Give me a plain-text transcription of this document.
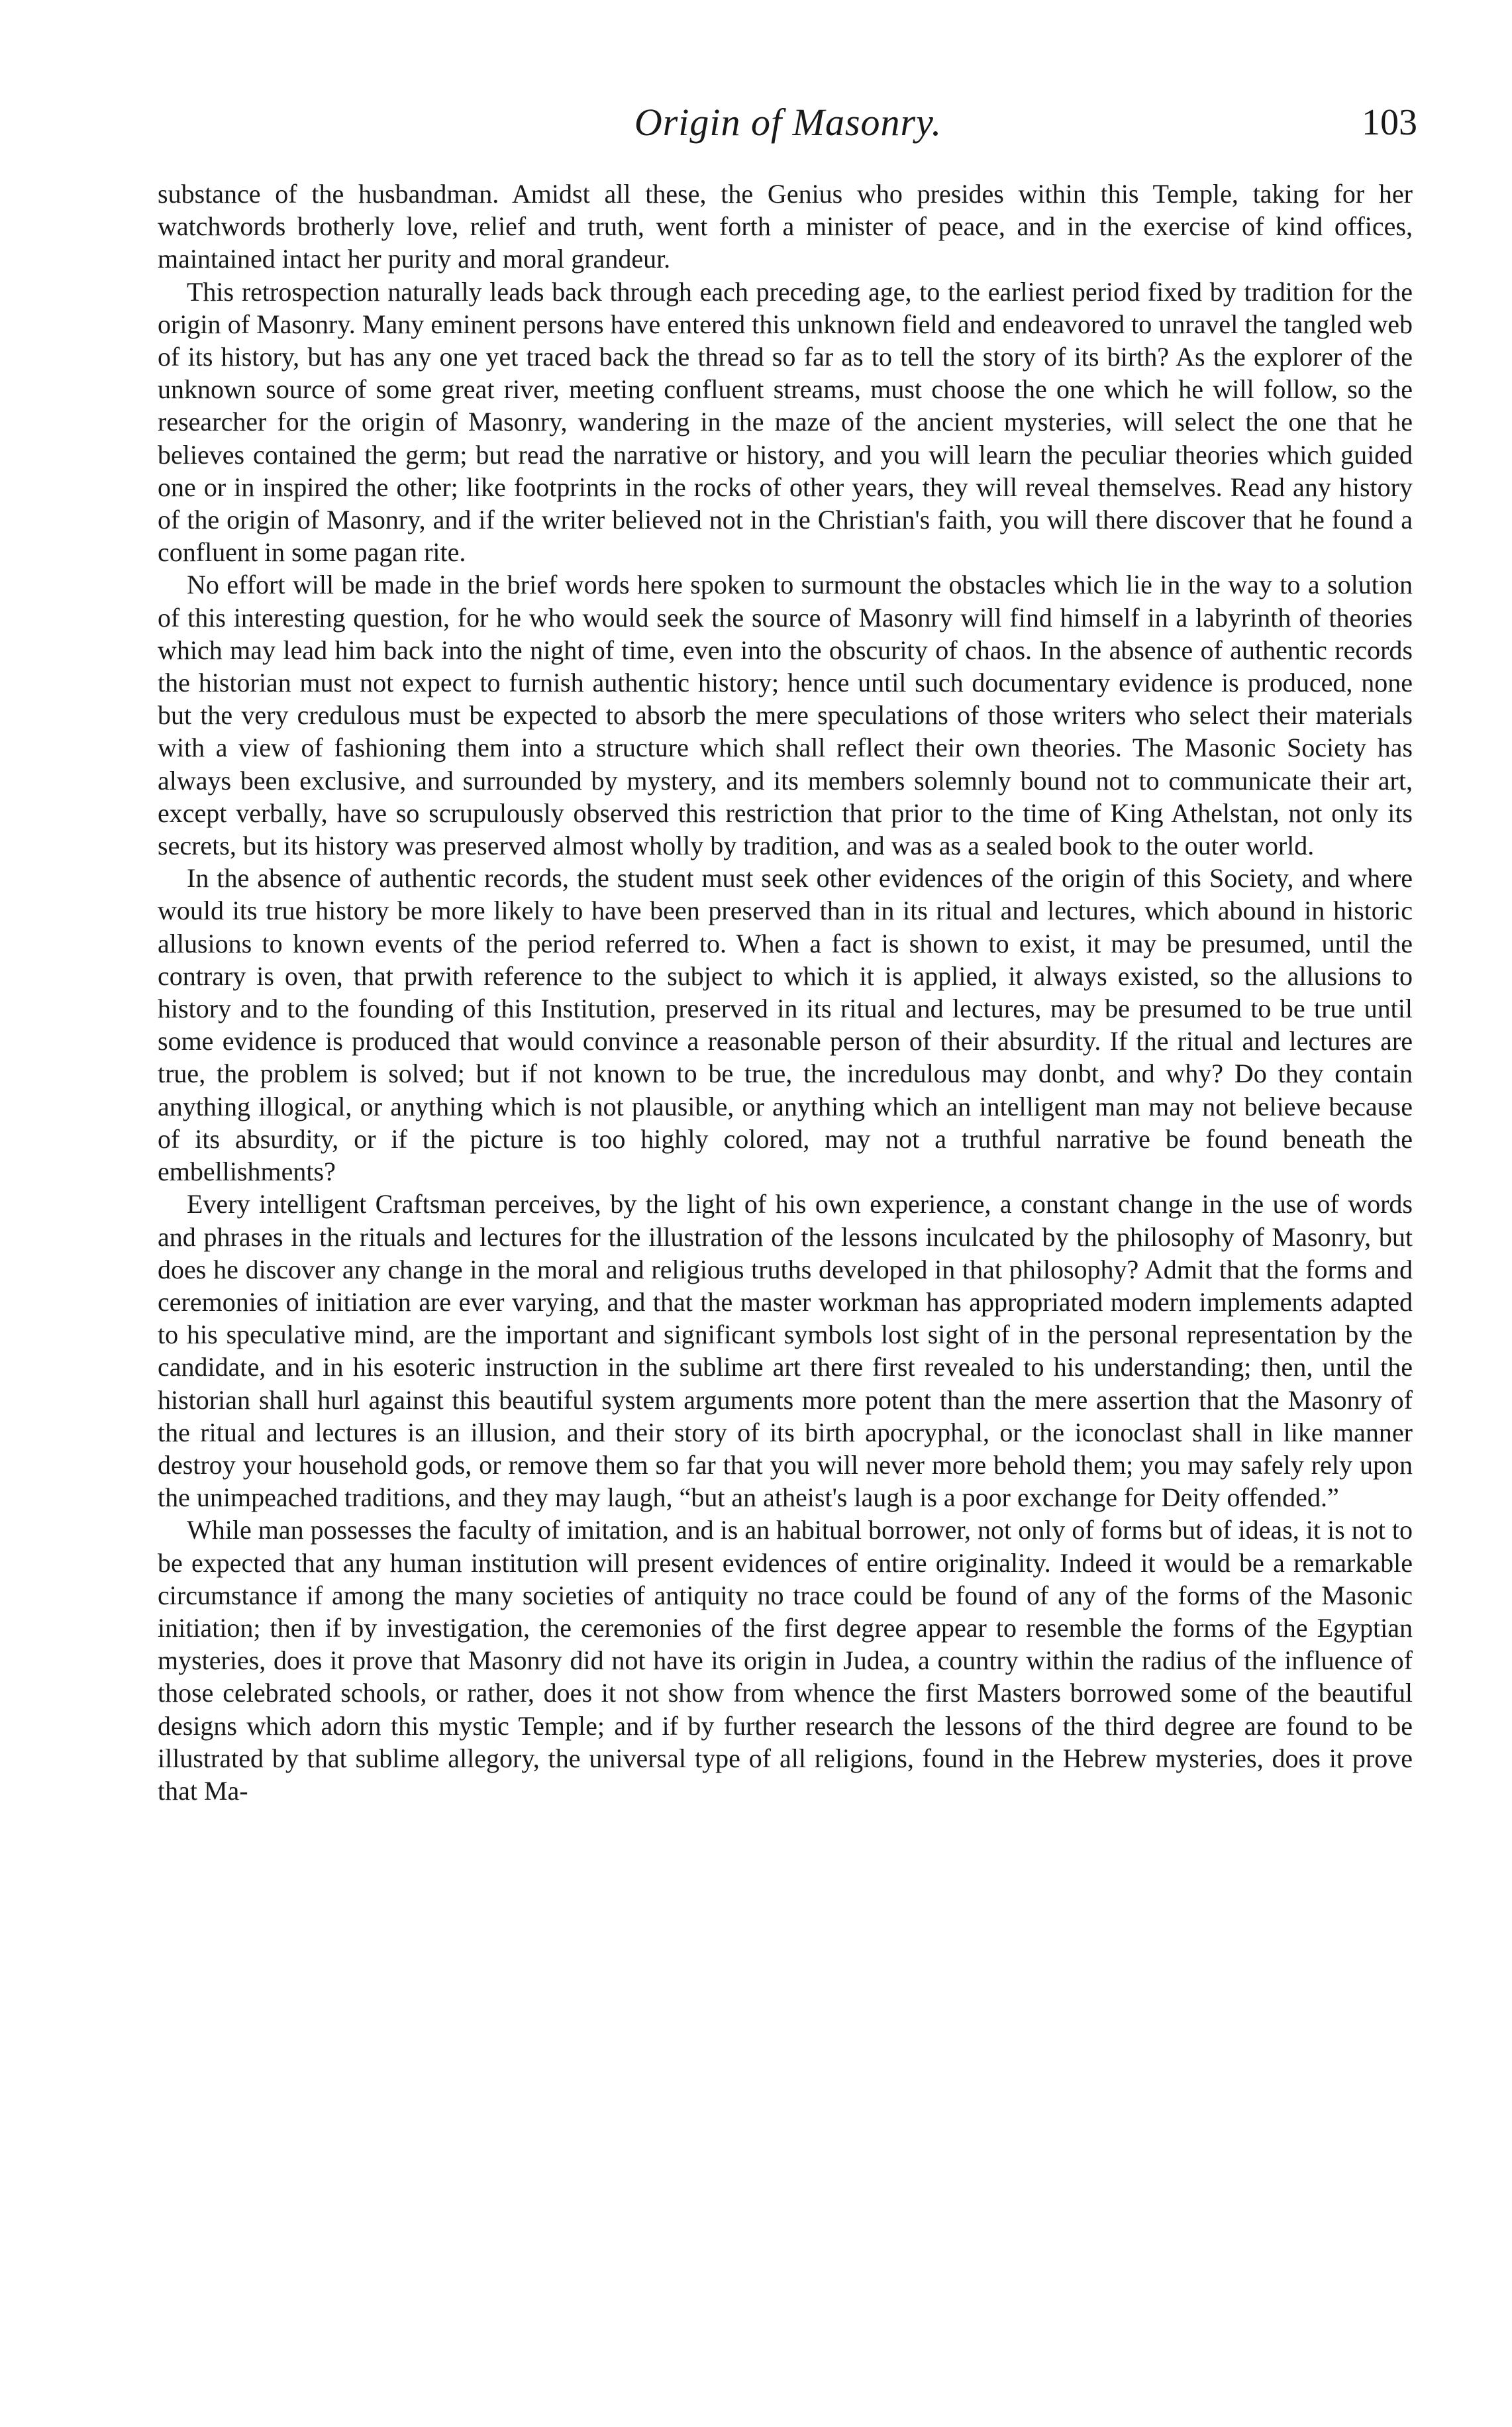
Origin of Masonry.	103

substance of the husbandman. Amidst all these, the Genius who presides within this Temple, taking for her watchwords brotherly love, relief and truth, went forth a minister of peace, and in the exercise of kind offices, maintained intact her purity and moral grandeur.

This retrospection naturally leads back through each preceding age, to the earliest period fixed by tradition for the origin of Masonry. Many eminent persons have entered this unknown field and endeavored to unravel the tangled web of its history, but has any one yet traced back the thread so far as to tell the story of its birth? As the explorer of the unknown source of some great river, meeting confluent streams, must choose the one which he will follow, so the researcher for the origin of Masonry, wandering in the maze of the ancient mysteries, will select the one that he believes contained the germ; but read the narrative or history, and you will learn the peculiar theories which guided one or in inspired the other; like footprints in the rocks of other years, they will reveal themselves. Read any history of the origin of Masonry, and if the writer believed not in the Christian's faith, you will there discover that he found a confluent in some pagan rite.

No effort will be made in the brief words here spoken to surmount the obstacles which lie in the way to a solution of this interesting question, for he who would seek the source of Masonry will find himself in a labyrinth of theories which may lead him back into the night of time, even into the obscurity of chaos. In the absence of authentic records the historian must not expect to furnish authentic history; hence until such documentary evidence is produced, none but the very credulous must be expected to absorb the mere speculations of those writers who select their materials with a view of fashioning them into a structure which shall reflect their own theories. The Masonic Society has always been exclusive, and surrounded by mystery, and its members solemnly bound not to communicate their art, except verbally, have so scrupulously observed this restriction that prior to the time of King Athelstan, not only its secrets, but its history was preserved almost wholly by tradition, and was as a sealed book to the outer world.

In the absence of authentic records, the student must seek other evidences of the origin of this Society, and where would its true history be more likely to have been preserved than in its ritual and lectures, which abound in historic allusions to known events of the period referred to. When a fact is shown to exist, it may be presumed, until the contrary is oven, that prwith reference to the subject to which it is applied, it always existed, so the allusions to history and to the founding of this Institution, preserved in its ritual and lectures, may be presumed to be true until some evidence is produced that would convince a reasonable person of their absurdity. If the ritual and lectures are true, the problem is solved; but if not known to be true, the incredulous may donbt, and why? Do they contain anything illogical, or anything which is not plausible, or anything which an intelligent man may not believe because of its absurdity, or if the picture is too highly colored, may not a truthful narrative be found beneath the embellishments?

Every intelligent Craftsman perceives, by the light of his own experience, a constant change in the use of words and phrases in the rituals and lectures for the illustration of the lessons inculcated by the philosophy of Masonry, but does he discover any change in the moral and religious truths developed in that philosophy? Admit that the forms and ceremonies of initiation are ever varying, and that the master workman has appropriated modern implements adapted to his speculative mind, are the important and significant symbols lost sight of in the personal representation by the candidate, and in his esoteric instruction in the sublime art there first revealed to his understanding; then, until the historian shall hurl against this beautiful system arguments more potent than the mere assertion that the Masonry of the ritual and lectures is an illusion, and their story of its birth apocryphal, or the iconoclast shall in like manner destroy your household gods, or remove them so far that you will never more behold them; you may safely rely upon the unimpeached traditions, and they may laugh, “but an atheist's laugh is a poor exchange for Deity offended.”

While man possesses the faculty of imitation, and is an habitual borrower, not only of forms but of ideas, it is not to be expected that any human institution will present evidences of entire originality. Indeed it would be a remarkable circumstance if among the many societies of antiquity no trace could be found of any of the forms of the Masonic initiation; then if by investigation, the ceremonies of the first degree appear to resemble the forms of the Egyptian mysteries, does it prove that Masonry did not have its origin in Judea, a country within the radius of the influence of those celebrated schools, or rather, does it not show from whence the first Masters borrowed some of the beautiful designs which adorn this mystic Temple; and if by further research the lessons of the third degree are found to be illustrated by that sublime allegory, the universal type of all religions, found in the Hebrew mysteries, does it prove that Ma-
